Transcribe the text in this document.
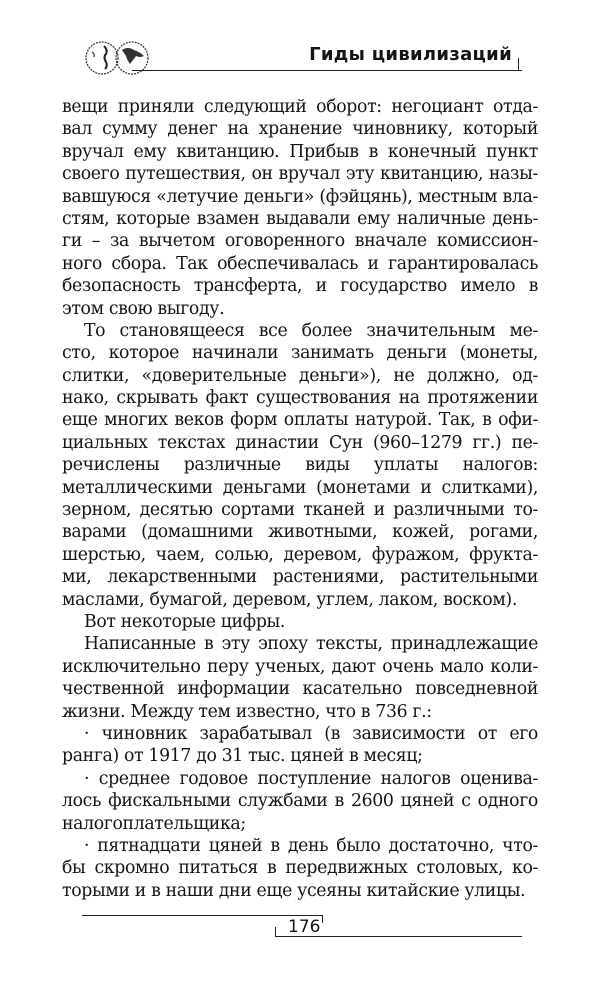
Гиды цивилизаций
вещи приняли следующий оборот: негоциант отда-
вал сумму денег на хранение чиновнику, который
вручал ему квитанцию. Прибыв в конечный пункт
своего путешествия, он вручал эту квитанцию, назы-
вавшуюся «летучие деньги» (фэйцянь), местным вла-
стям, которые взамен выдавали ему наличные день-
ги – за вычетом оговоренного вначале комиссион-
ного сбора. Так обеспечивалась и гарантировалась
безопасность трансферта, и государство имело в
этом свою выгоду.
То становящееся все более значительным ме-
сто, которое начинали занимать деньги (монеты,
слитки, «доверительные деньги»), не должно, од-
нако, скрывать факт существования на протяжении
еще многих веков форм оплаты натурой. Так, в офи-
циальных текстах династии Сун (960–1279 гг.) пе-
речислены различные виды уплаты налогов:
металлическими деньгами (монетами и слитками),
зерном, десятью сортами тканей и различными то-
варами (домашними животными, кожей, рогами,
шерстью, чаем, солью, деревом, фуражом, фрукта-
ми, лекарственными растениями, растительными
маслами, бумагой, деревом, углем, лаком, воском).
Вот некоторые цифры.
Написанные в эту эпоху тексты, принадлежащие
исключительно перу ученых, дают очень мало коли-
чественной информации касательно повседневной
жизни. Между тем известно, что в 736 г.:
· чиновник зарабатывал (в зависимости от его
ранга) от 1917 до 31 тыс. цяней в месяц;
· среднее годовое поступление налогов оценива-
лось фискальными службами в 2600 цяней с одного
налогоплательщика;
· пятнадцати цяней в день было достаточно, что-
бы скромно питаться в передвижных столовых, ко-
торыми и в наши дни еще усеяны китайские улицы.
176
